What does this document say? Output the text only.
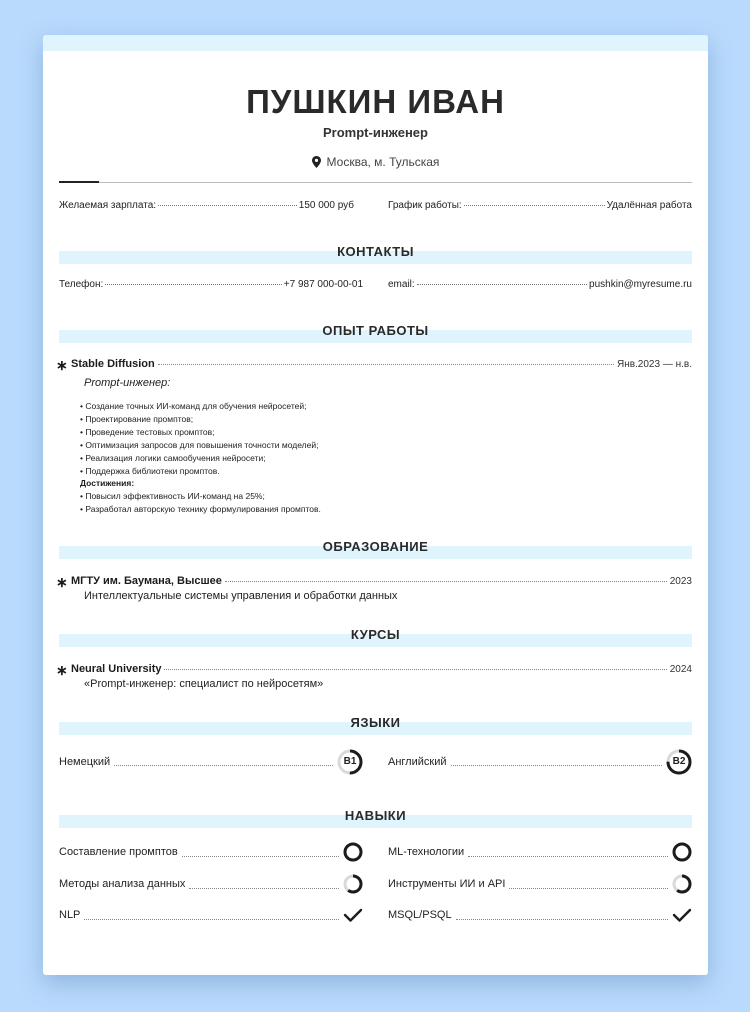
ПУШКИН ИВАН
Prompt-инженер
Москва, м. Тульская
Желаемая зарплата:	150 000 руб	График работы:	Удалённая работа
КОНТАКТЫ
Телефон:	+7 987 000-00-01	email:	pushkin@myresume.ru
ОПЫТ РАБОТЫ
∗ Stable Diffusion	Янв.2023 — н.в.
Prompt-инженер:
• Создание точных ИИ-команд для обучения нейросетей;
• Проектирование промптов;
• Проведение тестовых промптов;
• Оптимизация запросов для повышения точности моделей;
• Реализация логики самообучения нейросети;
• Поддержка библиотеки промптов.
Достижения:
• Повысил эффективность ИИ-команд на 25%;
• Разработал авторскую технику формулирования промптов.
ОБРАЗОВАНИЕ
∗ МГТУ им. Баумана, Высшее	2023
Интеллектуальные системы управления и обработки данных
КУРСЫ
∗ Neural University	2024
«Prompt-инженер: специалист по нейросетям»
ЯЗЫКИ
Немецкий	B1	Английский	B2
НАВЫКИ
Составление промптов	ML-технологии
Методы анализа данных	Инструменты ИИ и API
NLP	MSQL/PSQL
